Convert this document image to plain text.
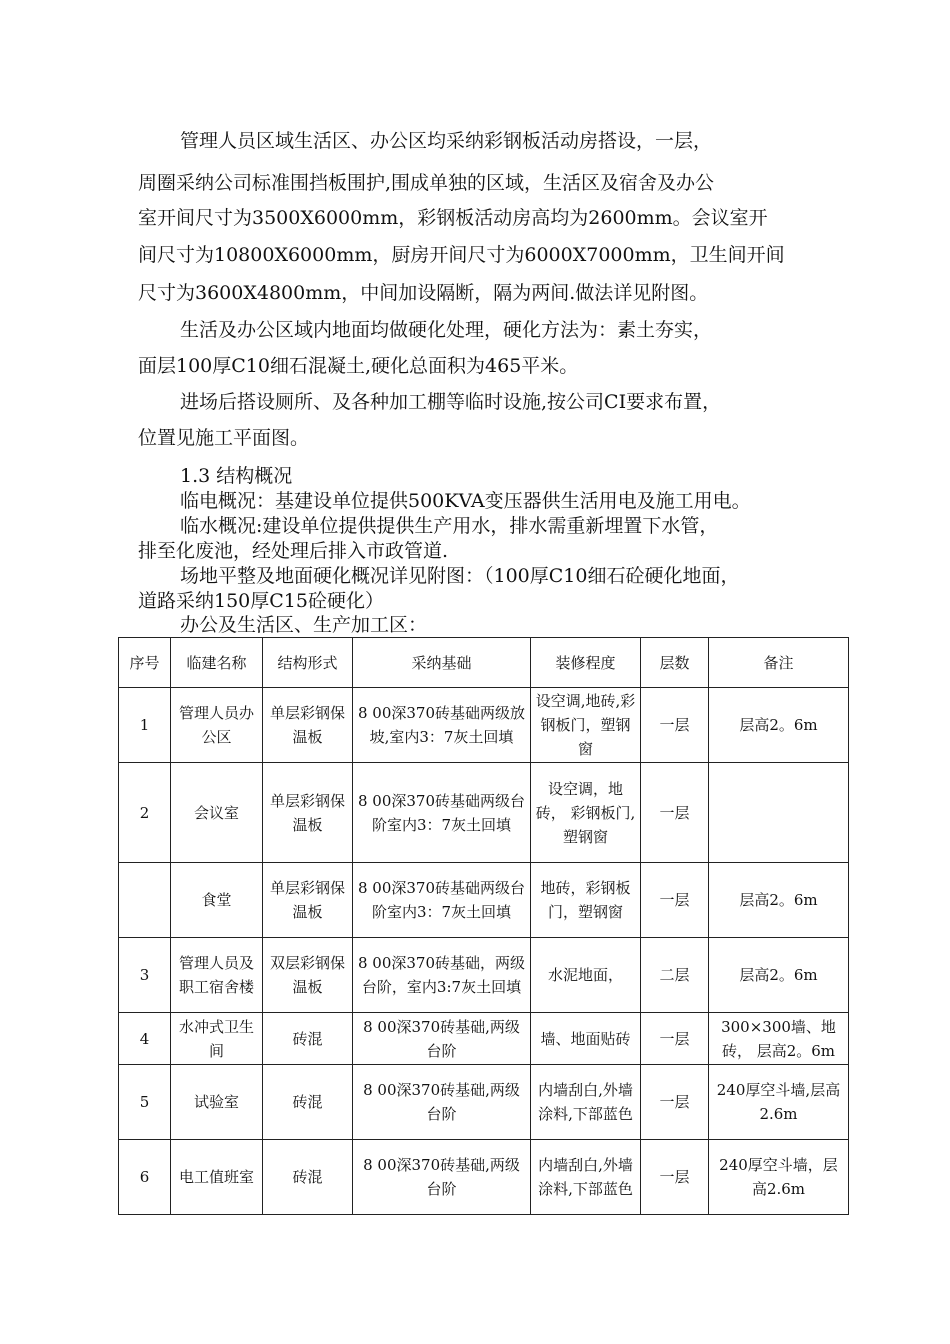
管理人员区域生活区、办公区均采纳彩钢板活动房搭设，一层，
周圈采纳公司标准围挡板围护,围成单独的区域，生活区及宿舍及办公
室开间尺寸为3500X6000mm，彩钢板活动房高均为2600mm。会议室开
间尺寸为10800X6000mm，厨房开间尺寸为6000X7000mm，卫生间开间
尺寸为3600X4800mm，中间加设隔断，隔为两间.做法详见附图。
生活及办公区域内地面均做硬化处理，硬化方法为：素土夯实，
面层100厚C10细石混凝土,硬化总面积为465平米。
进场后搭设厕所、及各种加工棚等临时设施,按公司CI要求布置，
位置见施工平面图。
1.3 结构概况
临电概况：基建设单位提供500KVA变压器供生活用电及施工用电。
临水概况:建设单位提供提供生产用水，排水需重新埋置下水管，
排至化废池，经处理后排入市政管道.
场地平整及地面硬化概况详见附图：（100厚C10细石砼硬化地面，
道路采纳150厚C15砼硬化）
办公及生活区、生产加工区：
序号	临建名称	结构形式	采纳基础	装修程度	层数	备注
1	管理人员办公区	单层彩钢保温板	8 00深370砖基础两级放坡,室内3：7灰土回填	设空调,地砖,彩钢板门，塑钢窗	一层	层高2。6m
2	会议室	单层彩钢保温板	8 00深370砖基础两级台阶室内3：7灰土回填	设空调，地砖， 彩钢板门,塑钢窗	一层	
	食堂	单层彩钢保温板	8 00深370砖基础两级台阶室内3：7灰土回填	地砖，彩钢板门，塑钢窗	一层	层高2。6m
3	管理人员及职工宿舍楼	双层彩钢保温板	8 00深370砖基础，两级台阶，室内3:7灰土回填	水泥地面，	二层	层高2。6m
4	水冲式卫生间	砖混	8 00深370砖基础,两级台阶	墙、地面贴砖	一层	300×300墙、地砖， 层高2。6m
5	试验室	砖混	8 00深370砖基础,两级台阶	内墙刮白,外墙涂料,下部蓝色	一层	240厚空斗墙,层高2.6m
6	电工值班室	砖混	8 00深370砖基础,两级台阶	内墙刮白,外墙涂料,下部蓝色	一层	240厚空斗墙，层高2.6m
